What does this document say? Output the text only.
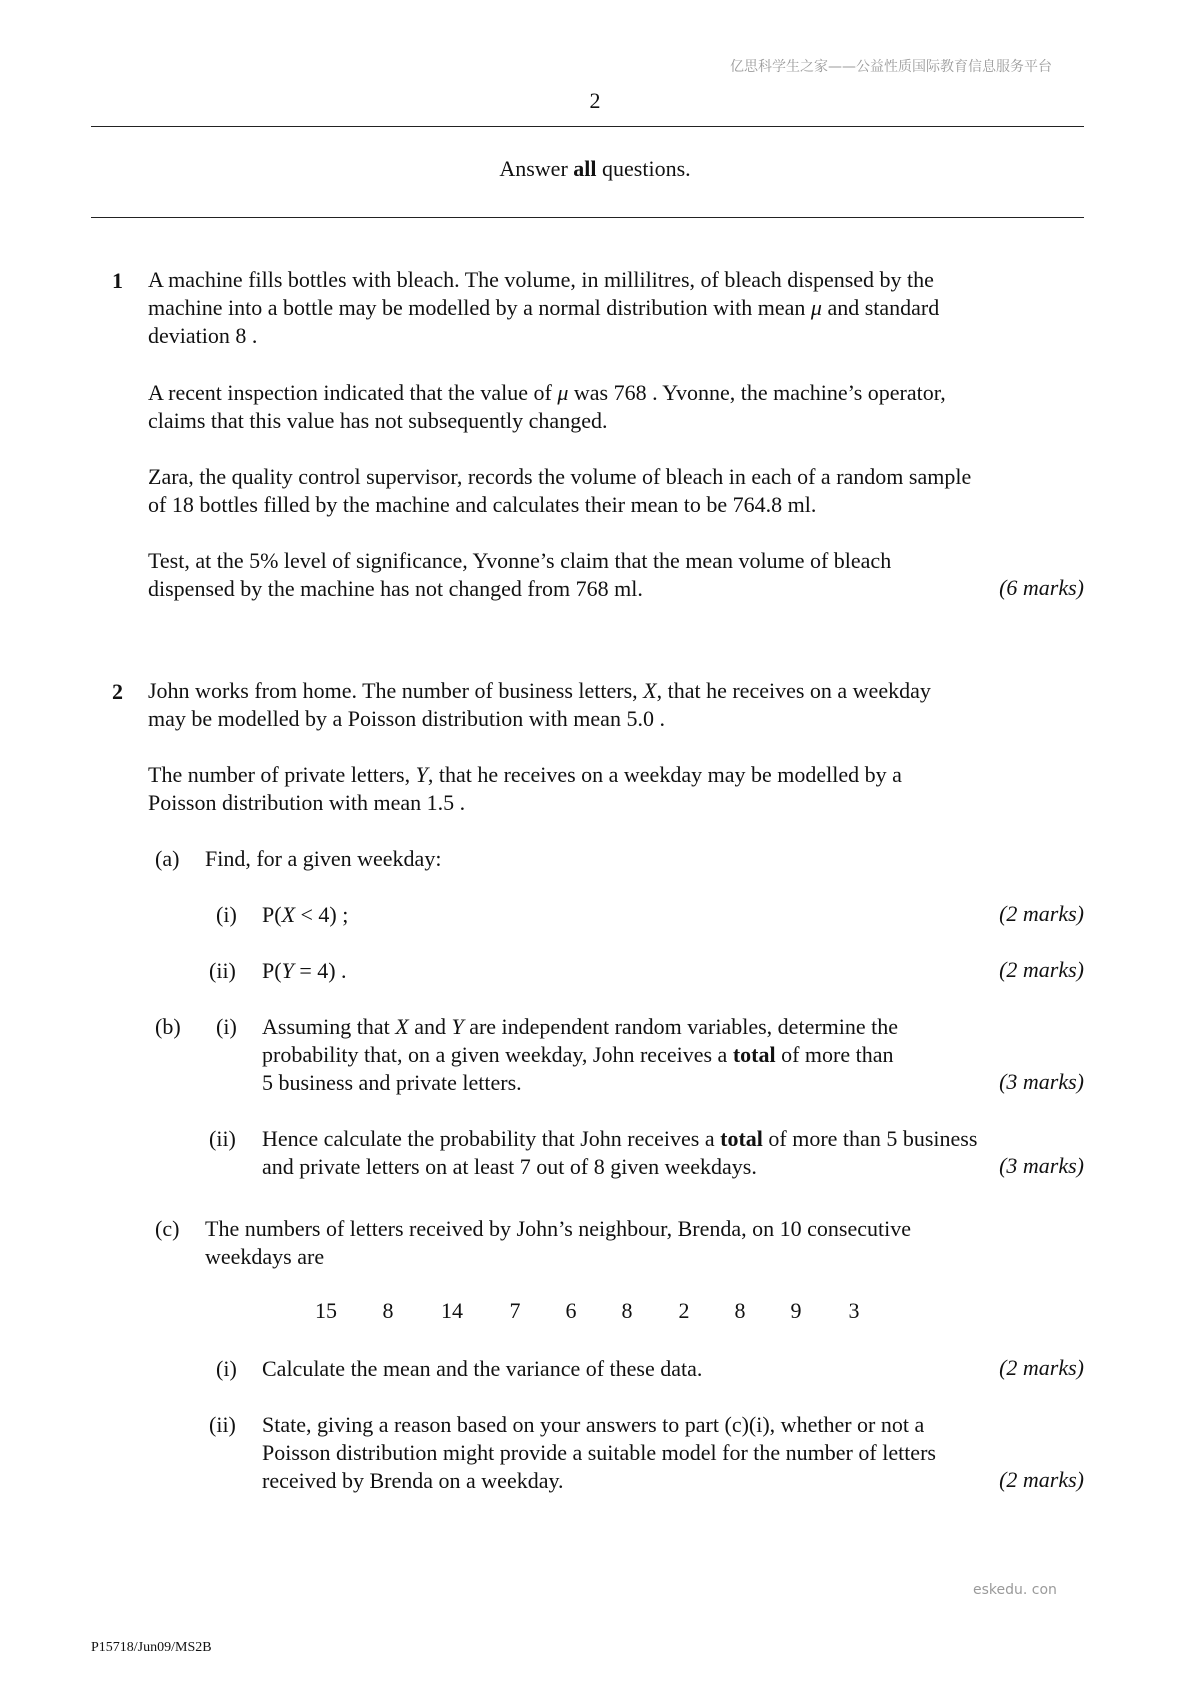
亿思科学生之家——公益性质国际教育信息服务平台
2
Answer all questions.
1 A machine fills bottles with bleach. The volume, in millilitres, of bleach dispensed by the
machine into a bottle may be modelled by a normal distribution with mean μ and standard
deviation 8 .
A recent inspection indicated that the value of μ was 768 . Yvonne, the machine’s operator,
claims that this value has not subsequently changed.
Zara, the quality control supervisor, records the volume of bleach in each of a random sample
of 18 bottles filled by the machine and calculates their mean to be 764.8 ml.
Test, at the 5% level of significance, Yvonne’s claim that the mean volume of bleach
dispensed by the machine has not changed from 768 ml.	(6 marks)
2 John works from home. The number of business letters, X, that he receives on a weekday
may be modelled by a Poisson distribution with mean 5.0 .
The number of private letters, Y, that he receives on a weekday may be modelled by a
Poisson distribution with mean 1.5 .
(a) Find, for a given weekday:
(i) P(X < 4) ;	(2 marks)
(ii) P(Y = 4) .	(2 marks)
(b) (i) Assuming that X and Y are independent random variables, determine the
probability that, on a given weekday, John receives a total of more than
5 business and private letters.	(3 marks)
(ii) Hence calculate the probability that John receives a total of more than 5 business
and private letters on at least 7 out of 8 given weekdays.	(3 marks)
(c) The numbers of letters received by John’s neighbour, Brenda, on 10 consecutive
weekdays are
15	8	14	7	6	8	2	8	9	3
(i) Calculate the mean and the variance of these data.	(2 marks)
(ii) State, giving a reason based on your answers to part (c)(i), whether or not a
Poisson distribution might provide a suitable model for the number of letters
received by Brenda on a weekday.	(2 marks)
eskedu. con
P15718/Jun09/MS2B
